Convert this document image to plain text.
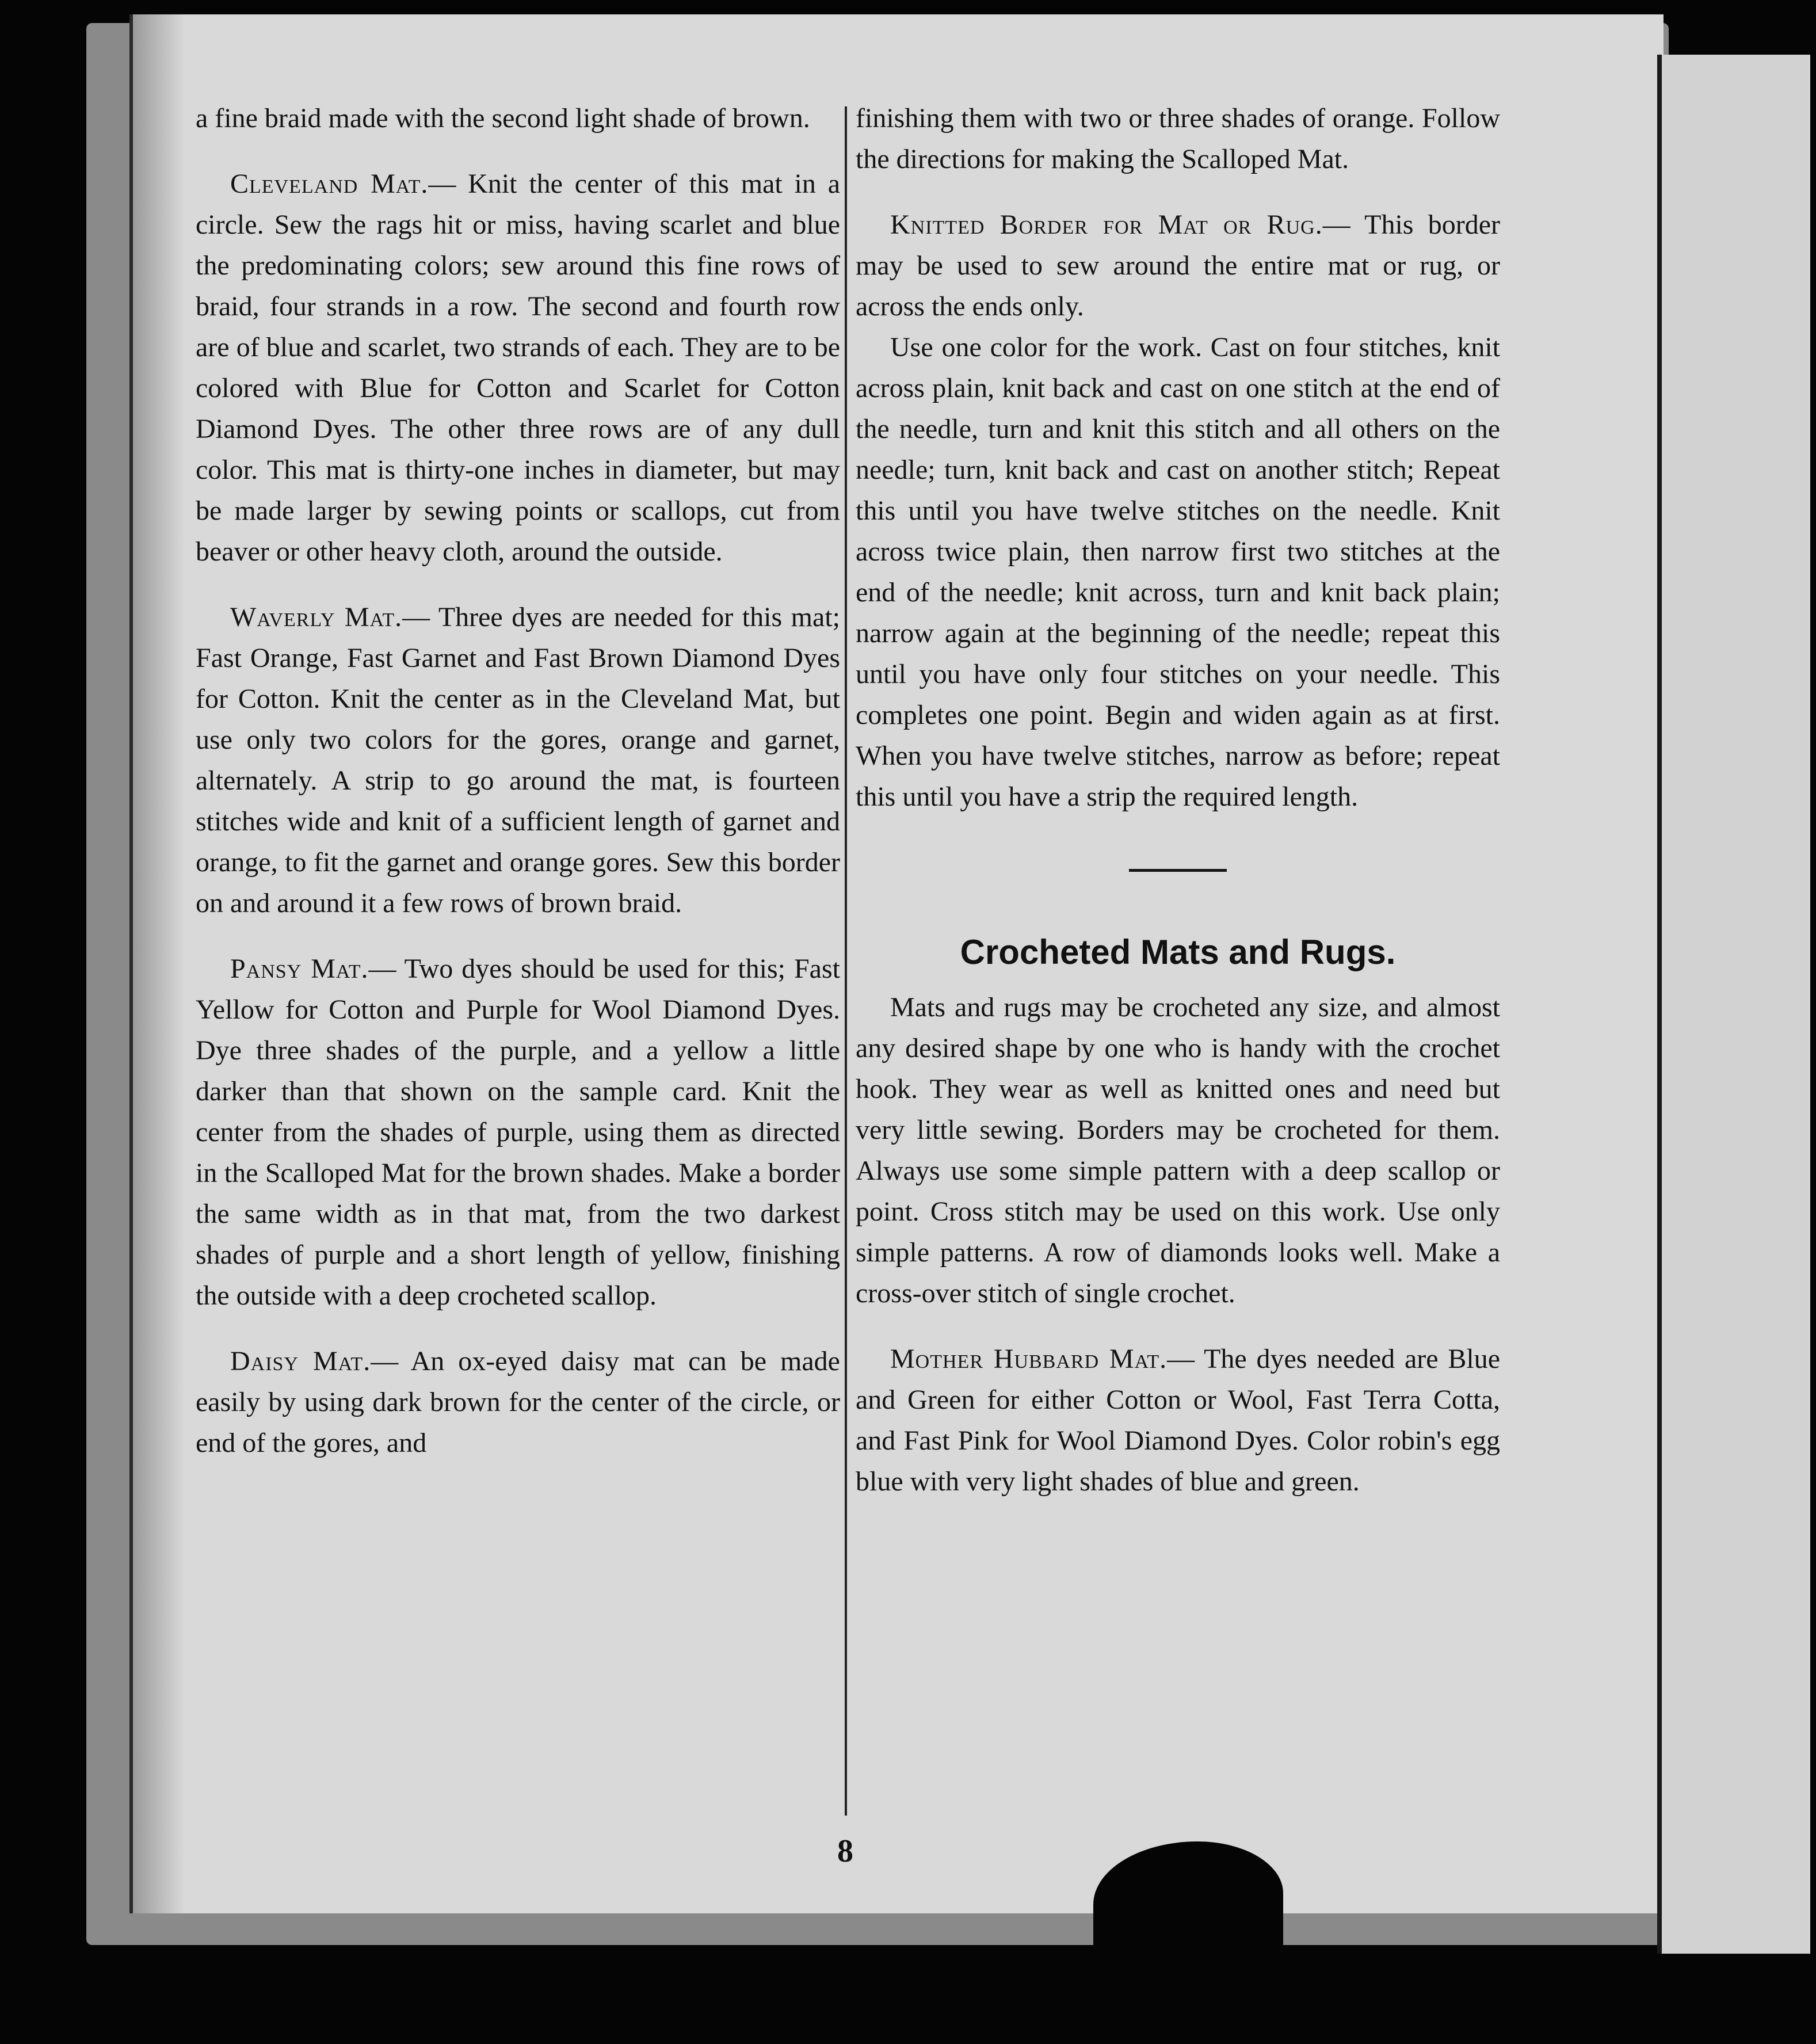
a fine braid made with the second light shade of brown.

Cleveland Mat.— Knit the center of this mat in a circle. Sew the rags hit or miss, having scarlet and blue the predominating colors; sew around this fine rows of braid, four strands in a row. The second and fourth row are of blue and scarlet, two strands of each. They are to be colored with Blue for Cotton and Scarlet for Cotton Diamond Dyes. The other three rows are of any dull color. This mat is thirty-one inches in diameter, but may be made larger by sewing points or scallops, cut from beaver or other heavy cloth, around the outside.

Waverly Mat.— Three dyes are needed for this mat; Fast Orange, Fast Garnet and Fast Brown Diamond Dyes for Cotton. Knit the center as in the Cleveland Mat, but use only two colors for the gores, orange and garnet, alternately. A strip to go around the mat, is fourteen stitches wide and knit of a sufficient length of garnet and orange, to fit the garnet and orange gores. Sew this border on and around it a few rows of brown braid.

Pansy Mat.— Two dyes should be used for this; Fast Yellow for Cotton and Purple for Wool Diamond Dyes. Dye three shades of the purple, and a yellow a little darker than that shown on the sample card. Knit the center from the shades of purple, using them as directed in the Scalloped Mat for the brown shades. Make a border the same width as in that mat, from the two darkest shades of purple and a short length of yellow, finishing the outside with a deep crocheted scallop.

Daisy Mat.— An ox-eyed daisy mat can be made easily by using dark brown for the center of the circle, or end of the gores, and

finishing them with two or three shades of orange. Follow the directions for making the Scalloped Mat.

Knitted Border for Mat or Rug.— This border may be used to sew around the entire mat or rug, or across the ends only.

Use one color for the work. Cast on four stitches, knit across plain, knit back and cast on one stitch at the end of the needle, turn and knit this stitch and all others on the needle; turn, knit back and cast on another stitch; Repeat this until you have twelve stitches on the needle. Knit across twice plain, then narrow first two stitches at the end of the needle; knit across, turn and knit back plain; narrow again at the beginning of the needle; repeat this until you have only four stitches on your needle. This completes one point. Begin and widen again as at first. When you have twelve stitches, narrow as before; repeat this until you have a strip the required length.

Crocheted Mats and Rugs.

Mats and rugs may be crocheted any size, and almost any desired shape by one who is handy with the crochet hook. They wear as well as knitted ones and need but very little sewing. Borders may be crocheted for them. Always use some simple pattern with a deep scallop or point. Cross stitch may be used on this work. Use only simple patterns. A row of diamonds looks well. Make a cross-over stitch of single crochet.

Mother Hubbard Mat.— The dyes needed are Blue and Green for either Cotton or Wool, Fast Terra Cotta, and Fast Pink for Wool Diamond Dyes. Color robin's egg blue with very light shades of blue and green.

8
